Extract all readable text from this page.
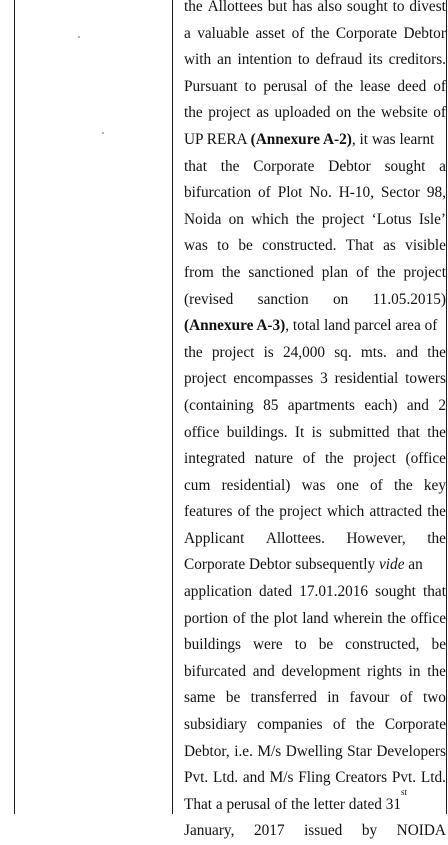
the Allottees but has also sought to divest
a valuable asset of the Corporate Debtor
with an intention to defraud its creditors.
Pursuant to perusal of the lease deed of
the project as uploaded on the website of
UP RERA (Annexure A-2) , it was learnt
that the Corporate Debtor sought a
bifurcation of Plot No. H-10, Sector 98,
Noida on which the project ‘Lotus Isle’
was to be constructed. That as visible
from the sanctioned plan of the project
(revised sanction on 11.05.2015)
(Annexure A-3) , total land parcel area of
the project is 24,000 sq. mts. and the
project encompasses 3 residential towers
(containing 85 apartments each) and 2
office buildings. It is submitted that the
integrated nature of the project (office
cum residential) was one of the key
features of the project which attracted the
Applicant Allottees. However, the
Corporate Debtor subsequently vide an
application dated 17.01.2016 sought that
portion of the plot land wherein the office
buildings were to be constructed, be
bifurcated and development rights in the
same be transferred in favour of two
subsidiary companies of the Corporate
Debtor, i.e. M/s Dwelling Star Developers
Pvt. Ltd. and M/s Fling Creators Pvt. Ltd.
That a perusal of the letter dated 31
st
January, 2017 issued by NOIDA
